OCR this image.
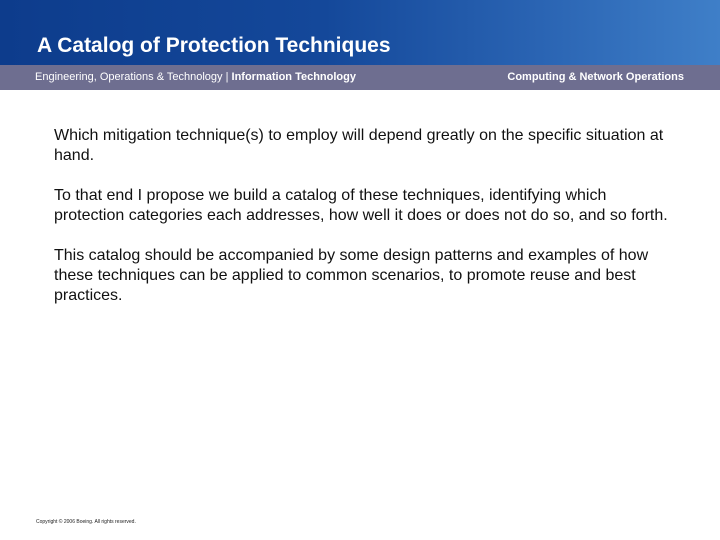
A Catalog of Protection Techniques
Engineering, Operations & Technology | Information Technology	Computing & Network Operations

Which mitigation technique(s) to employ will depend greatly on the specific situation at hand.

To that end I propose we build a catalog of these techniques, identifying which protection categories each addresses, how well it does or does not do so, and so forth.

This catalog should be accompanied by some design patterns and examples of how these techniques can be applied to common scenarios, to promote reuse and best practices.

Copyright © 2006 Boeing. All rights reserved.
